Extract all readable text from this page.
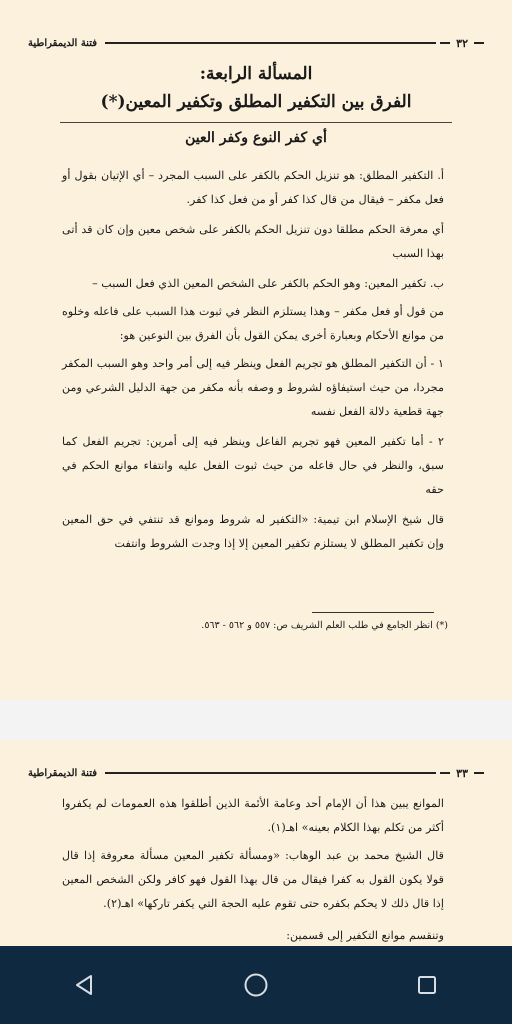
٣٢
فتنة الديمقراطية
المسألة الرابعة:
الفرق بين التكفير المطلق وتكفير المعين(*)
أي كفر النوع وكفر العين
أ. التكفير المطلق: هو تنزيل الحكم بالكفر على السبب المجرد – أي الإتيان بقول أو فعل مكفر – فيقال من قال كذا كفر أو من فعل كذا كفر.
أي معرفة الحكم مطلقا دون تنزيل الحكم بالكفر على شخص معين وإن كان قد أتى بهذا السبب
ب. تكفير المعين: وهو الحكم بالكفر على الشخص المعين الذي فعل السبب –
من قول أو فعل مكفر – وهذا يستلزم النظر في ثبوت هذا السبب على فاعله وخلوه من موانع الأحكام وبعبارة أخرى يمكن القول بأن الفرق بين النوعين هو:
١ - أن التكفير المطلق هو تجريم الفعل وينظر فيه إلى أمر واحد وهو السبب المكفر مجردا، من حيث استيفاؤه لشروط و وصفه بأنه مكفر من جهة الدليل الشرعي ومن جهة قطعية دلالة الفعل نفسه
٢ - أما تكفير المعين فهو تجريم الفاعل وينظر فيه إلى أمرين: تجريم الفعل كما سبق، والنظر في حال فاعله من حيث ثبوت الفعل عليه وانتفاء موانع الحكم في حقه
قال شيخ الإسلام ابن تيمية: «التكفير له شروط وموانع قد تنتفي في حق المعين وإن تكفير المطلق لا يستلزم تكفير المعين إلا إذا وجدت الشروط وانتفت
(*) انظر الجامع في طلب العلم الشريف ص: ٥٥٧ و ٥٦٢ - ٥٦٣.
٣٣
فتنة الديمقراطية
الموانع يبين هذا أن الإمام أحد وعامة الأئمة الذين أطلقوا هذه العمومات لم يكفروا أكثر من تكلم بهذا الكلام بعينه» اهـ(١).
قال الشيخ محمد بن عبد الوهاب: «ومسألة تكفير المعين مسألة معروفة إذا قال قولا يكون القول به كفرا فيقال من قال بهذا القول فهو كافر ولكن الشخص المعين إذا قال ذلك لا يحكم بكفره حتى تقوم عليه الحجة التي يكفر تاركها» اهـ(٢).
وتنقسم موانع التكفير إلى قسمين:
